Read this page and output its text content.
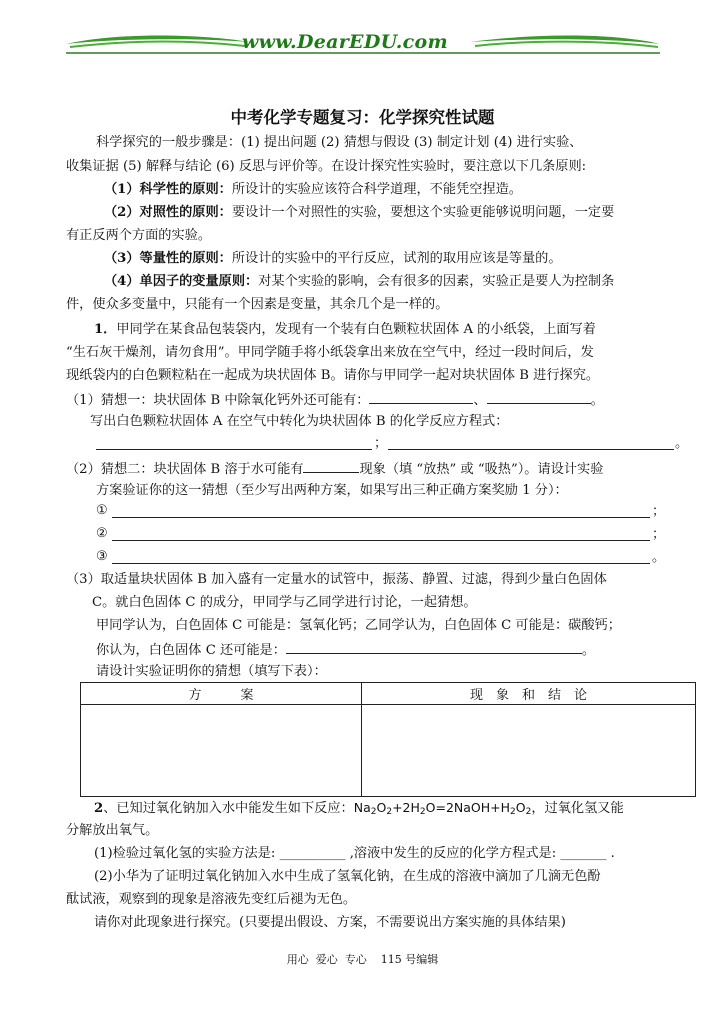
www.DearEDU.com
中考化学专题复习：化学探究性试题
科学探究的一般步骤是：(1) 提出问题 (2) 猜想与假设 (3) 制定计划 (4) 进行实验、
收集证据 (5) 解释与结论 (6) 反思与评价等。在设计探究性实验时，要注意以下几条原则:
（1）科学性的原则：所设计的实验应该符合科学道理，不能凭空捏造。
（2）对照性的原则：要设计一个对照性的实验，要想这个实验更能够说明问题，一定要
有正反两个方面的实验。
（3）等量性的原则：所设计的实验中的平行反应，试剂的取用应该是等量的。
（4）单因子的变量原则：对某个实验的影响，会有很多的因素，实验正是要人为控制条
件，使众多变量中，只能有一个因素是变量，其余几个是一样的。
1．甲同学在某食品包装袋内，发现有一个装有白色颗粒状固体 A 的小纸袋，上面写着
“生石灰干燥剂，请勿食用”。甲同学随手将小纸袋拿出来放在空气中，经过一段时间后，发
现纸袋内的白色颗粒粘在一起成为块状固体 B。请你与甲同学一起对块状固体 B 进行探究。
（1）猜想一：块状固体 B 中除氧化钙外还可能有：	、	。
写出白色颗粒状固体 A 在空气中转化为块状固体 B 的化学反应方程式：
；	。
（2）猜想二：块状固体 B 溶于水可能有	现象（填 “放热” 或 “吸热”）。请设计实验
方案验证你的这一猜想（至少写出两种方案，如果写出三种正确方案奖励 1 分）：
①	；
②	；
③	。
（3）取适量块状固体 B 加入盛有一定量水的试管中，振荡、静置、过滤，得到少量白色固体
C。就白色固体 C 的成分，甲同学与乙同学进行讨论，一起猜想。
甲同学认为，白色固体 C 可能是：氢氧化钙；乙同学认为，白色固体 C 可能是：碳酸钙；
你认为，白色固体 C 还可能是：	。
请设计实验证明你的猜想（填写下表）：
方　　　案	现　象　和　结　论

2、已知过氧化钠加入水中能发生如下反应：$Na_2O_2+2H_2O=2NaOH+H_2O_2$，过氧化氢又能
分解放出氧气。
(1)检验过氧化氢的实验方法是: __________ ,溶液中发生的反应的化学方程式是: _______ .
(2)小华为了证明过氧化钠加入水中生成了氢氧化钠，在生成的溶液中滴加了几滴无色酚
酞试液，观察到的现象是溶液先变红后褪为无色。
请你对此现象进行探究。(只要提出假设、方案，不需要说出方案实施的具体结果)
用心  爱心  专心    115 号编辑
